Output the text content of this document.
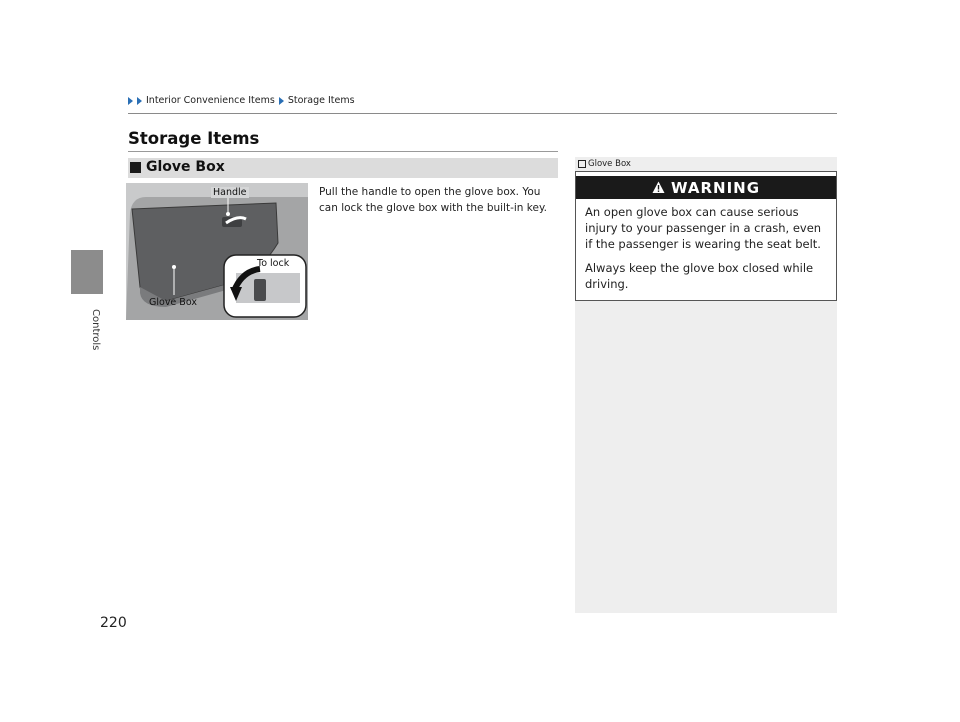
Controls
Interior Convenience Items Storage Items
Storage Items
Glove Box
Pull the handle to open the glove box. You can lock the glove box with the built-in key.
Handle
To lock
Glove Box
Glove Box
WARNING
An open glove box can cause serious injury to your passenger in a crash, even if the passenger is wearing the seat belt.
Always keep the glove box closed while driving.
220
